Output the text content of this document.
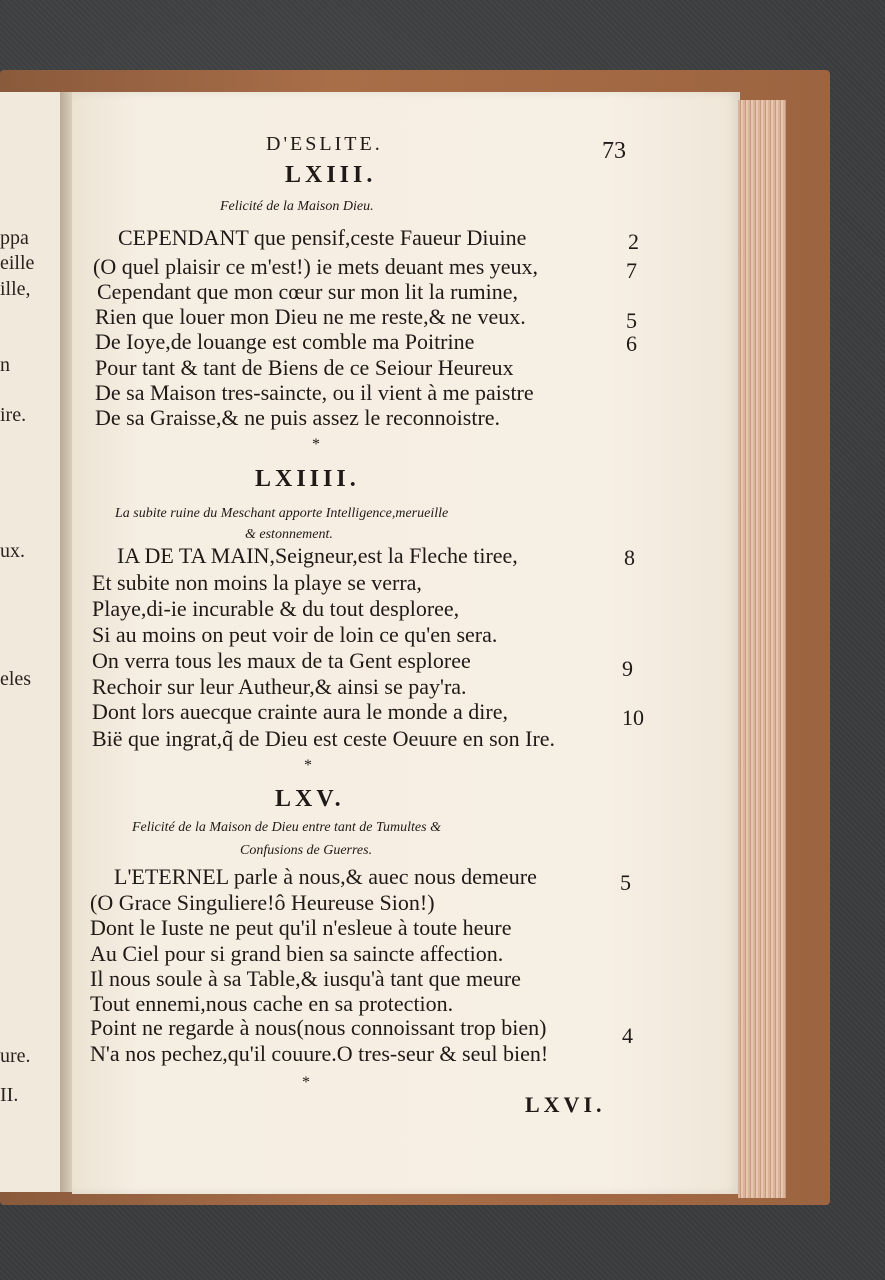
ppa
eille
ille,
n
ire.
ux.
eles
ure.
II.
D'ESLITE.	73
LXIII.
Felicité de la Maison Dieu.
CEPENDANT que pensif,ceste Faueur Diuine	2
(O quel plaisir ce m'est!) ie mets deuant mes yeux,	7
Cependant que mon cœur sur mon lit la rumine,
Rien que louer mon Dieu ne me reste,& ne veux.	5
De Ioye,de louange est comble ma Poitrine	6
Pour tant & tant de Biens de ce Seiour Heureux
De sa Maison tres-saincte, ou il vient à me paistre
De sa Graisse,& ne puis assez le reconnoistre.
*
LXIIII.
La subite ruine du Meschant apporte Intelligence,merueille
& estonnement.
IA DE TA MAIN,Seigneur,est la Fleche tiree,	8
Et subite non moins la playe se verra,
Playe,di-ie incurable & du tout desploree,
Si au moins on peut voir de loin ce qu'en sera.
On verra tous les maux de ta Gent esploree	9
Rechoir sur leur Autheur,& ainsi se pay'ra.
Dont lors auecque crainte aura le monde a dire,	10
Bië que ingrat,q̃ de Dieu est ceste Oeuure en son Ire.
*
LXV.
Felicité de la Maison de Dieu entre tant de Tumultes &
Confusions de Guerres.
L'ETERNEL parle à nous,& auec nous demeure	5
(O Grace Singuliere!ô Heureuse Sion!)
Dont le Iuste ne peut qu'il n'esleue à toute heure
Au Ciel pour si grand bien sa saincte affection.
Il nous soule à sa Table,& iusqu'à tant que meure
Tout ennemi,nous cache en sa protection.
Point ne regarde à nous(nous connoissant trop bien)	4
N'a nos pechez,qu'il couure.O tres-seur & seul bien!
*
LXVI.
